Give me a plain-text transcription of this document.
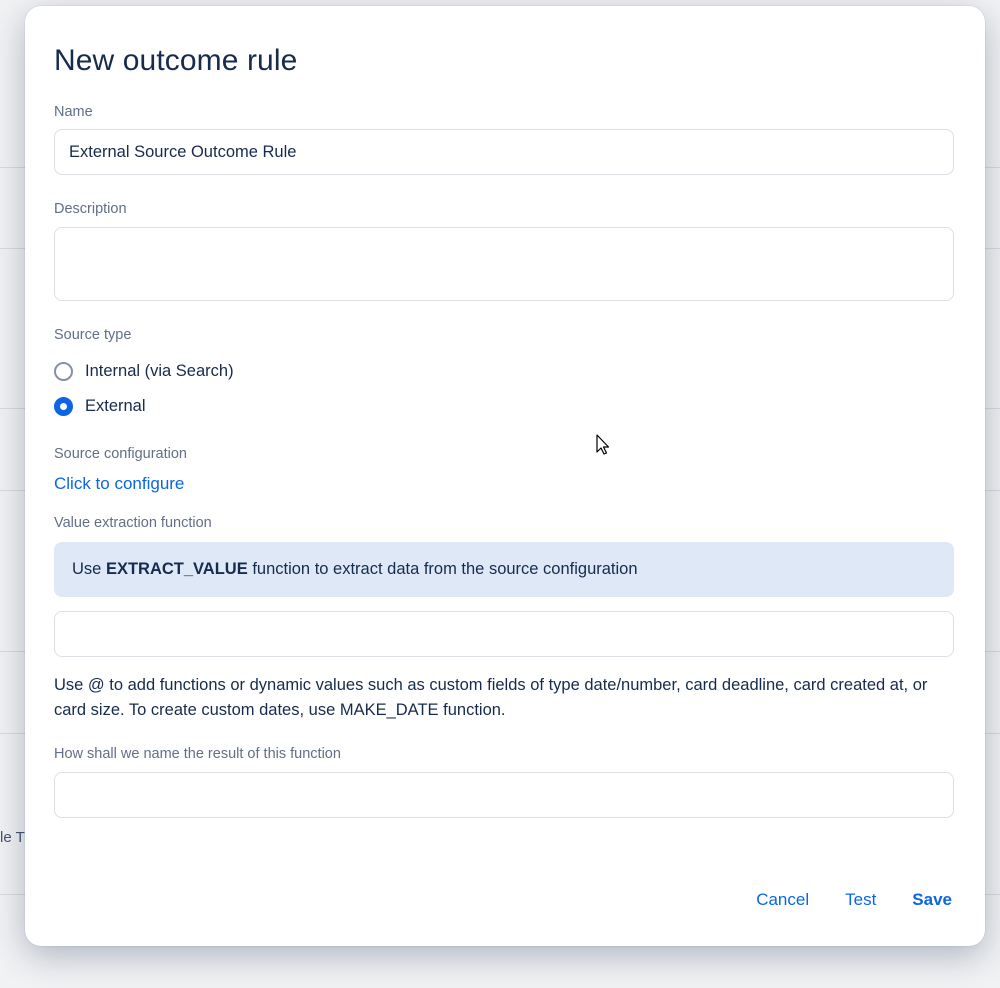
le T
New outcome rule
Name
External Source Outcome Rule
Description
Source type
Internal (via Search)
External
Source configuration
Click to configure
Value extraction function
Use EXTRACT_VALUE function to extract data from the source configuration
Use @ to add functions or dynamic values such as custom fields of type date/number, card deadline, card created at, or card size. To create custom dates, use MAKE_DATE function.
How shall we name the result of this function
Cancel Test Save
